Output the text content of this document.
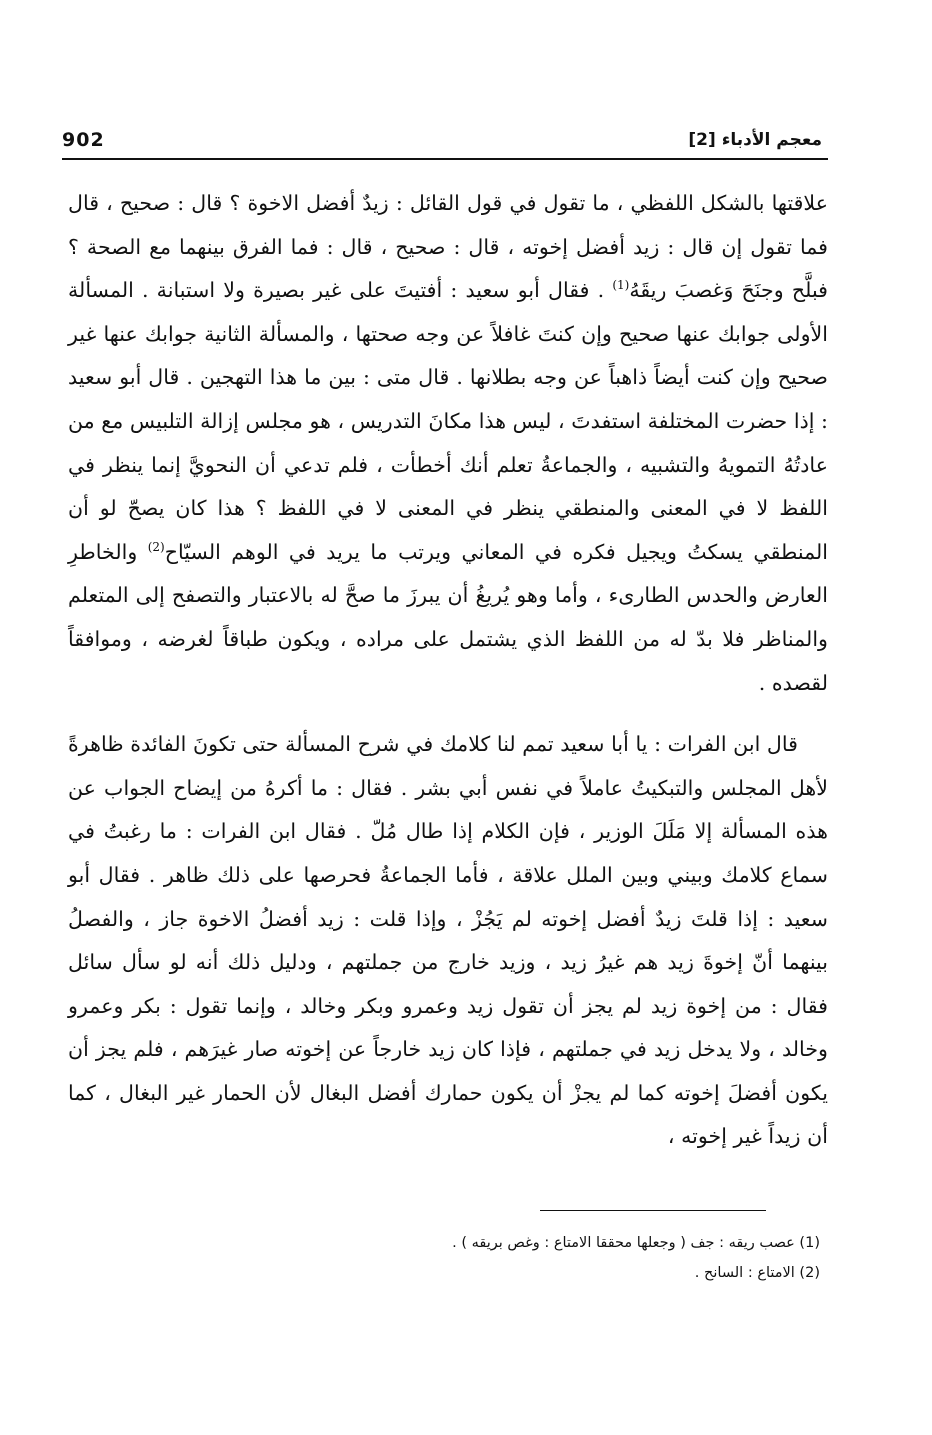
902	معجم الأدباء [2]

علاقتها بالشكل اللفظي ، ما تقول في قول القائل : زيدٌ أفضل الاخوة ؟ قال : صحيح ، قال فما تقول إن قال : زيد أفضل إخوته ، قال : صحيح ، قال : فما الفرق بينهما مع الصحة ؟ فبلَّح وجنَحَ وَغصبَ ريقَهُ$^{(1)}$ . فقال أبو سعيد : أفتيتَ على غير بصيرة ولا استبانة . المسألة الأولى جوابك عنها صحيح وإن كنتَ غافلاً عن وجه صحتها ، والمسألة الثانية جوابك عنها غير صحيح وإن كنت أيضاً ذاهباً عن وجه بطلانها . قال متى : بين ما هذا التهجين . قال أبو سعيد : إذا حضرت المختلفة استفدتَ ، ليس هذا مكانَ التدريس ، هو مجلس إزالة التلبيس مع من عادتُهُ التمويهُ والتشبيه ، والجماعةُ تعلم أنك أخطأت ، فلم تدعي أن النحويَّ إنما ينظر في اللفظ لا في المعنى والمنطقي ينظر في المعنى لا في اللفظ ؟ هذا كان يصحّ لو أن المنطقي يسكتُ ويجيل فكره في المعاني ويرتب ما يريد في الوهم السيّاح$^{(2)}$ والخاطرِ العارض والحدس الطارىء ، وأما وهو يُريغُ أن يبرزَ ما صحَّ له بالاعتبار والتصفح إلى المتعلم والمناظر فلا بدّ له من اللفظ الذي يشتمل على مراده ، ويكون طباقاً لغرضه ، وموافقاً لقصده .

قال ابن الفرات : يا أبا سعيد تمم لنا كلامك في شرح المسألة حتى تكونَ الفائدة ظاهرةً لأهل المجلس والتبكيتُ عاملاً في نفس أبي بشر . فقال : ما أكرهُ من إيضاح الجواب عن هذه المسألة إلا مَلَلَ الوزير ، فإن الكلام إذا طال مُلّ . فقال ابن الفرات : ما رغبتُ في سماع كلامك وبيني وبين الملل علاقة ، فأما الجماعةُ فحرصها على ذلك ظاهر . فقال أبو سعيد : إذا قلتَ زيدٌ أفضل إخوته لم يَجُزْ ، وإذا قلت : زيد أفضلُ الاخوة جاز ، والفصلُ بينهما أنّ إخوةَ زيد هم غيرُ زيد ، وزيد خارج من جملتهم ، ودليل ذلك أنه لو سأل سائل فقال : من إخوة زيد لم يجز أن تقول زيد وعمرو وبكر وخالد ، وإنما تقول : بكر وعمرو وخالد ، ولا يدخل زيد في جملتهم ، فإذا كان زيد خارجاً عن إخوته صار غيرَهم ، فلم يجز أن يكون أفضلَ إخوته كما لم يجزْ أن يكون حمارك أفضل البغال لأن الحمار غير البغال ، كما أن زيداً غير إخوته ،

(1) عصب ريقه : جف ( وجعلها محققا الامتاع : وغص بريقه ) .
(2) الامتاع : السانح .
